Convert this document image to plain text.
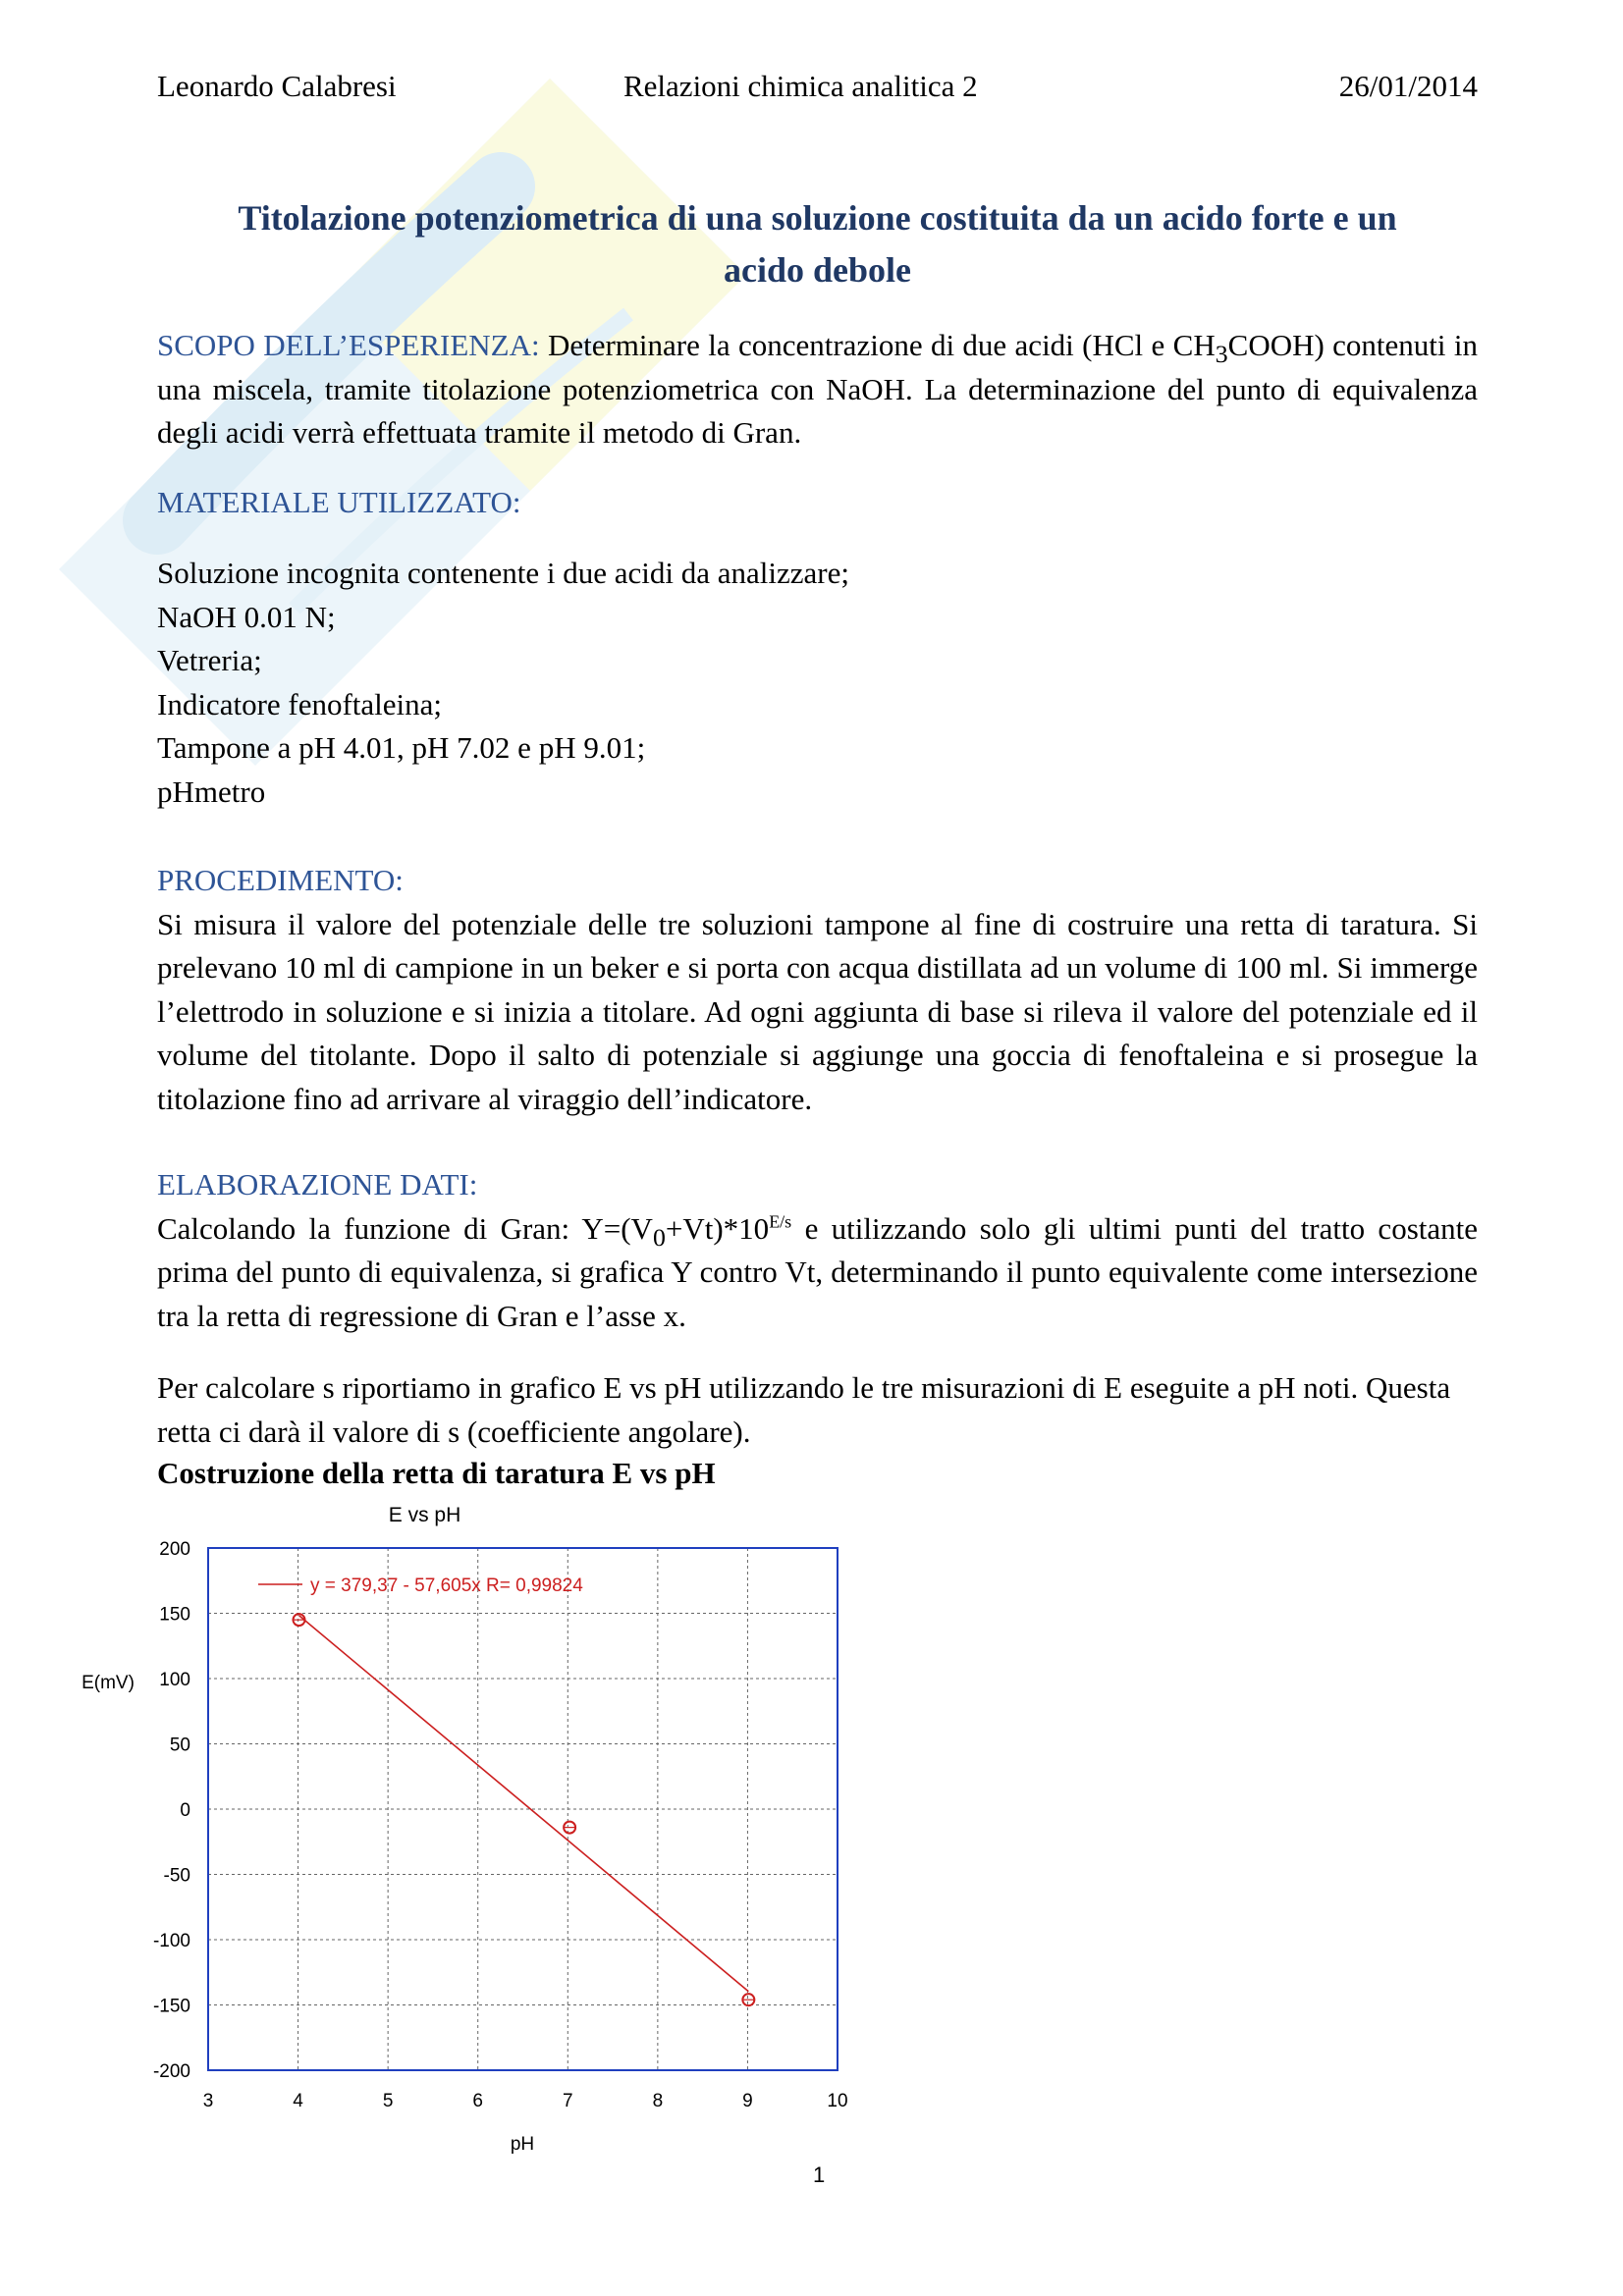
Leonardo Calabresi	Relazioni chimica analitica 2	26/01/2014
Titolazione potenziometrica di una soluzione costituita da un acido forte e un
acido debole
SCOPO DELL’ESPERIENZA: Determinare la concentrazione di due acidi (HCl e $CH_3COOH$) contenuti in una miscela, tramite titolazione potenziometrica con NaOH. La determinazione del punto di equivalenza degli acidi verrà effettuata tramite il metodo di Gran.
MATERIALE UTILIZZATO:
Soluzione incognita contenente i due acidi da analizzare;
NaOH 0.01 N;
Vetreria;
Indicatore fenoftaleina;
Tampone a pH 4.01, pH 7.02 e pH 9.01;
pHmetro
PROCEDIMENTO:
Si misura il valore del potenziale delle tre soluzioni tampone al fine di costruire una retta di taratura. Si prelevano 10 ml di campione in un beker e si porta con acqua distillata ad un volume di 100 ml. Si immerge l’elettrodo in soluzione e si inizia a titolare. Ad ogni aggiunta di base si rileva il valore del potenziale ed il volume del titolante. Dopo il salto di potenziale si aggiunge una goccia di fenoftaleina e si prosegue la titolazione fino ad arrivare al viraggio dell’indicatore.
ELABORAZIONE DATI:
Calcolando la funzione di Gran: $Y=(V_0+Vt)*10^{E/s}$ e utilizzando solo gli ultimi punti del tratto costante prima del punto di equivalenza, si grafica Y contro Vt, determinando il punto equivalente come intersezione tra la retta di regressione di Gran e l’asse x.
Per calcolare s riportiamo in grafico E vs pH utilizzando le tre misurazioni di E eseguite a pH noti. Questa retta ci darà il valore di s (coefficiente angolare).
Costruzione della retta di taratura E vs pH
E vs pH
200
150
100
50
0
-50
-100
-150
-200
3	4	5	6	7	8	9	10
E(mV)
pH
y = 379,37 - 57,605x R= 0,99824
1
